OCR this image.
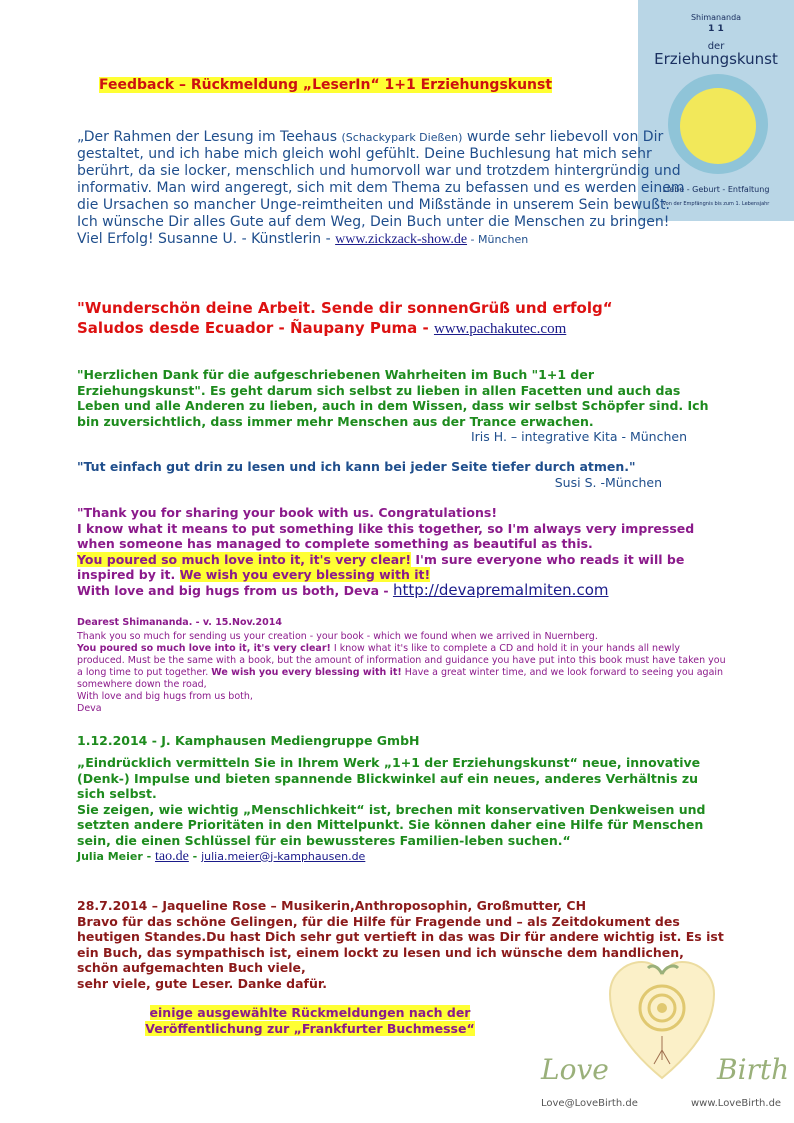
Shimananda
1 1
der
Erziehungskunst
Liebe - Geburt - Entfaltung
Von der Empfängnis bis zum 1. Lebensjahr
Feedback – Rückmeldung „LeserIn“ 1+1 Erziehungskunst
„Der Rahmen der Lesung im Teehaus (Schackypark Dießen) wurde sehr liebevoll von Dir gestaltet, und ich habe mich gleich wohl gefühlt. Deine Buchlesung hat mich sehr berührt, da sie locker, menschlich und humorvoll war und trotzdem hintergründig und informativ. Man wird angeregt, sich mit dem Thema zu befassen und es werden einem die Ursachen so mancher Unge-reimtheiten und Mißstände in unserem Sein bewußt.
Ich wünsche Dir alles Gute auf dem Weg, Dein Buch unter die Menschen zu bringen!
Viel Erfolg! Susanne U. - Künstlerin - www.zickzack-show.de - München
"Wunderschön deine Arbeit. Sende dir sonnenGrüß und erfolg“
Saludos desde Ecuador - Ñaupany Puma - www.pachakutec.com
"Herzlichen Dank für die aufgeschriebenen Wahrheiten im Buch "1+1 der Erziehungskunst". Es geht darum sich selbst zu lieben in allen Facetten und auch das Leben und alle Anderen zu lieben, auch in dem Wissen, dass wir selbst Schöpfer sind. Ich bin zuversichtlich, dass immer mehr Menschen aus der Trance erwachen.
Iris H. – integrative Kita - München
"Tut einfach gut drin zu lesen und ich kann bei jeder Seite tiefer durch atmen."
Susi S. -München
"Thank you for sharing your book with us. Congratulations!
I know what it means to put something like this together, so I'm always very impressed when someone has managed to complete something as beautiful as this.
You poured so much love into it, it's very clear! I'm sure everyone who reads it will be inspired by it. We wish you every blessing with it!
With love and big hugs from us both, Deva - http://devapremalmiten.com
Dearest Shimananda. - v. 15.Nov.2014
Thank you so much for sending us your creation - your book - which we found when we arrived in Nuernberg.
You poured so much love into it, it's very clear! I know what it's like to complete a CD and hold it in your hands all newly produced. Must be the same with a book, but the amount of information and guidance you have put into this book must have taken you a long time to put together. We wish you every blessing with it! Have a great winter time, and we look forward to seeing you again somewhere down the road,
With love and big hugs from us both,
Deva
1.12.2014 - J. Kamphausen Mediengruppe GmbH
„Eindrücklich vermitteln Sie in Ihrem Werk „1+1 der Erziehungskunst“ neue, innovative (Denk-) Impulse und bieten spannende Blickwinkel auf ein neues, anderes Verhältnis zu sich selbst.
Sie zeigen, wie wichtig „Menschlichkeit“ ist, brechen mit konservativen Denkweisen und setzten andere Prioritäten in den Mittelpunkt. Sie können daher eine Hilfe für Menschen sein, die einen Schlüssel für ein bewussteres Familien-leben suchen.“
Julia Meier - tao.de - julia.meier@j-kamphausen.de
28.7.2014 – Jaqueline Rose – Musikerin,Anthroposophin, Großmutter, CH
Bravo für das schöne Gelingen, für die Hilfe für Fragende und – als Zeitdokument des heutigen Standes.Du hast Dich sehr gut vertieft in das was Dir für andere wichtig ist. Es ist ein Buch, das sympathisch ist, einem lockt zu lesen und ich wünsche dem handlichen, schön aufgemachten Buch viele,
sehr viele, gute Leser. Danke dafür.
einige ausgewählte Rückmeldungen nach der
Veröffentlichung zur „Frankfurter Buchmesse“
Love	Birth
Love@LoveBirth.de	www.LoveBirth.de
